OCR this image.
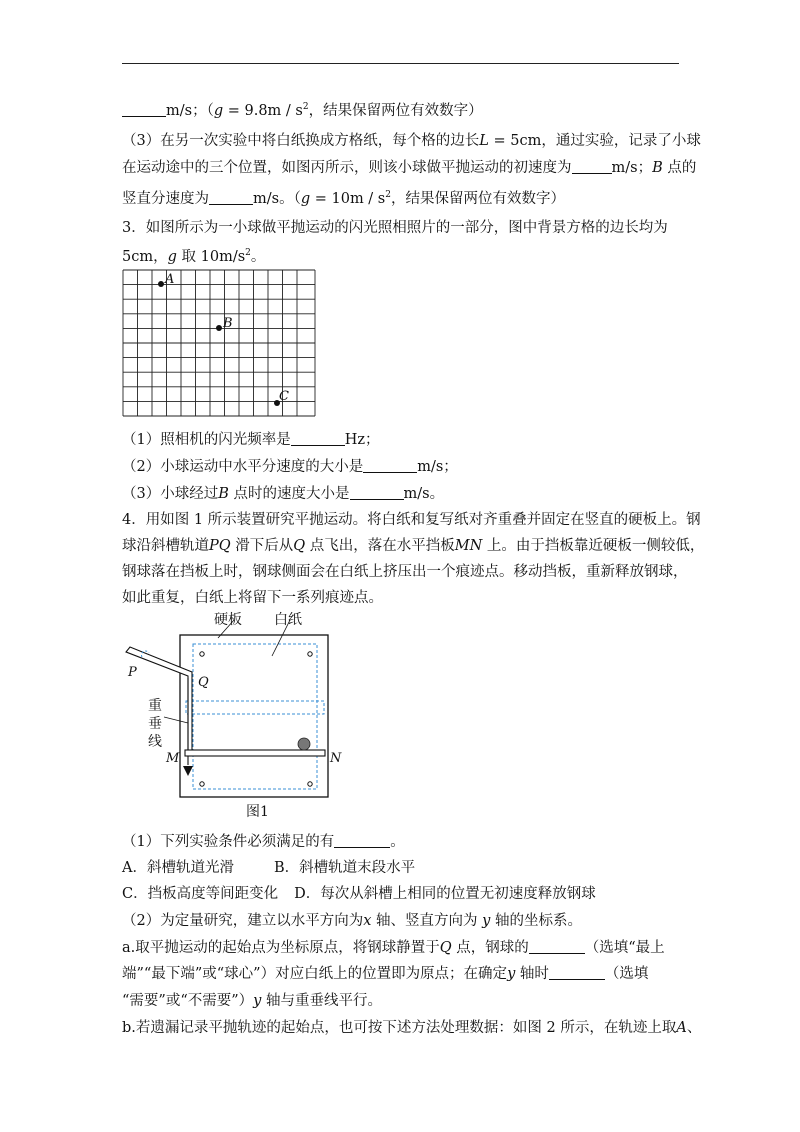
m/s；（$g = 9.8m / s^2$，结果保留两位有效数字）
（3）在另一次实验中将白纸换成方格纸，每个格的边长L = 5cm，通过实验，记录了小球
在运动途中的三个位置，如图丙所示，则该小球做平抛运动的初速度为	m/s；B 点的
竖直分速度为	m/s。（$g = 10m / s^2$，结果保留两位有效数字）
3．如图所示为一小球做平抛运动的闪光照相照片的一部分，图中背景方格的边长均为
5cm，g 取 $10m/s^2$。
A
B
C
（1）照相机的闪光频率是	Hz；
（2）小球运动中水平分速度的大小是	m/s；
（3）小球经过B 点时的速度大小是	m/s。
4．用如图 1 所示装置研究平抛运动。将白纸和复写纸对齐重叠并固定在竖直的硬板上。钢
球沿斜槽轨道PQ 滑下后从Q 点飞出，落在水平挡板MN 上。由于挡板靠近硬板一侧较低，
钢球落在挡板上时，钢球侧面会在白纸上挤压出一个痕迹点。移动挡板，重新释放钢球，
如此重复，白纸上将留下一系列痕迹点。
硬板 白纸
P
Q
重
垂
线
M	N
图1
（1）下列实验条件必须满足的有	。
A．斜槽轨道光滑	B．斜槽轨道末段水平
C．挡板高度等间距变化 D．每次从斜槽上相同的位置无初速度释放钢球
（2）为定量研究，建立以水平方向为x 轴、竖直方向为 y 轴的坐标系。
a.取平抛运动的起始点为坐标原点，将钢球静置于Q 点，钢球的	（选填“最上
端”“最下端”或“球心”）对应白纸上的位置即为原点；在确定y 轴时	（选填
“需要”或“不需要”）y 轴与重垂线平行。
b.若遗漏记录平抛轨迹的起始点，也可按下述方法处理数据：如图 2 所示，在轨迹上取A、
